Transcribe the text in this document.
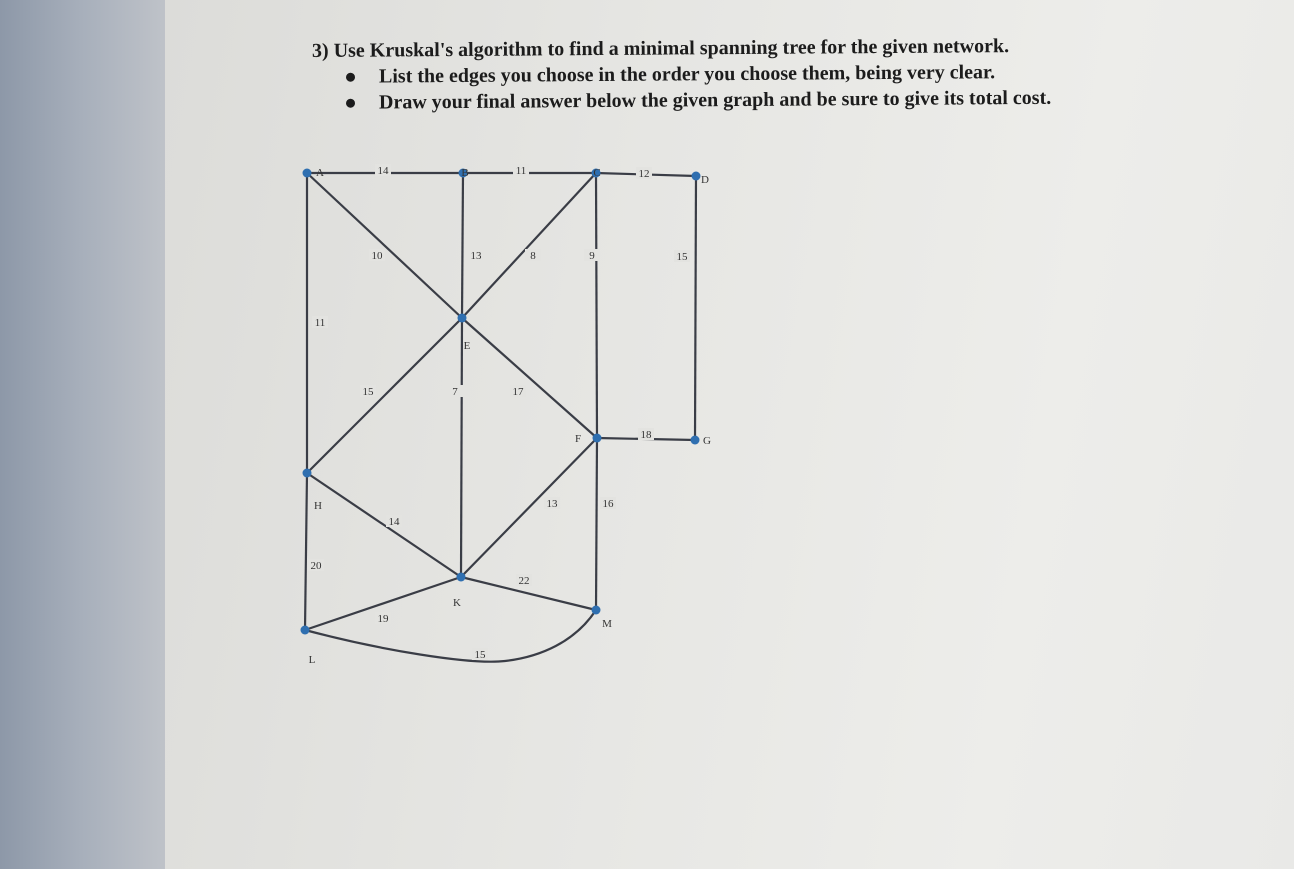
3) Use Kruskal's algorithm to find a minimal spanning tree for the given network.
List the edges you choose in the order you choose them, being very clear.
Draw your final answer below the given graph and be sure to give its total cost.
14	11	12
10	13	8	9	15
11
15	7	17
18
13	16
14
20
22
19
15
A	B	C
D
E
F	G
H
K
L
M
